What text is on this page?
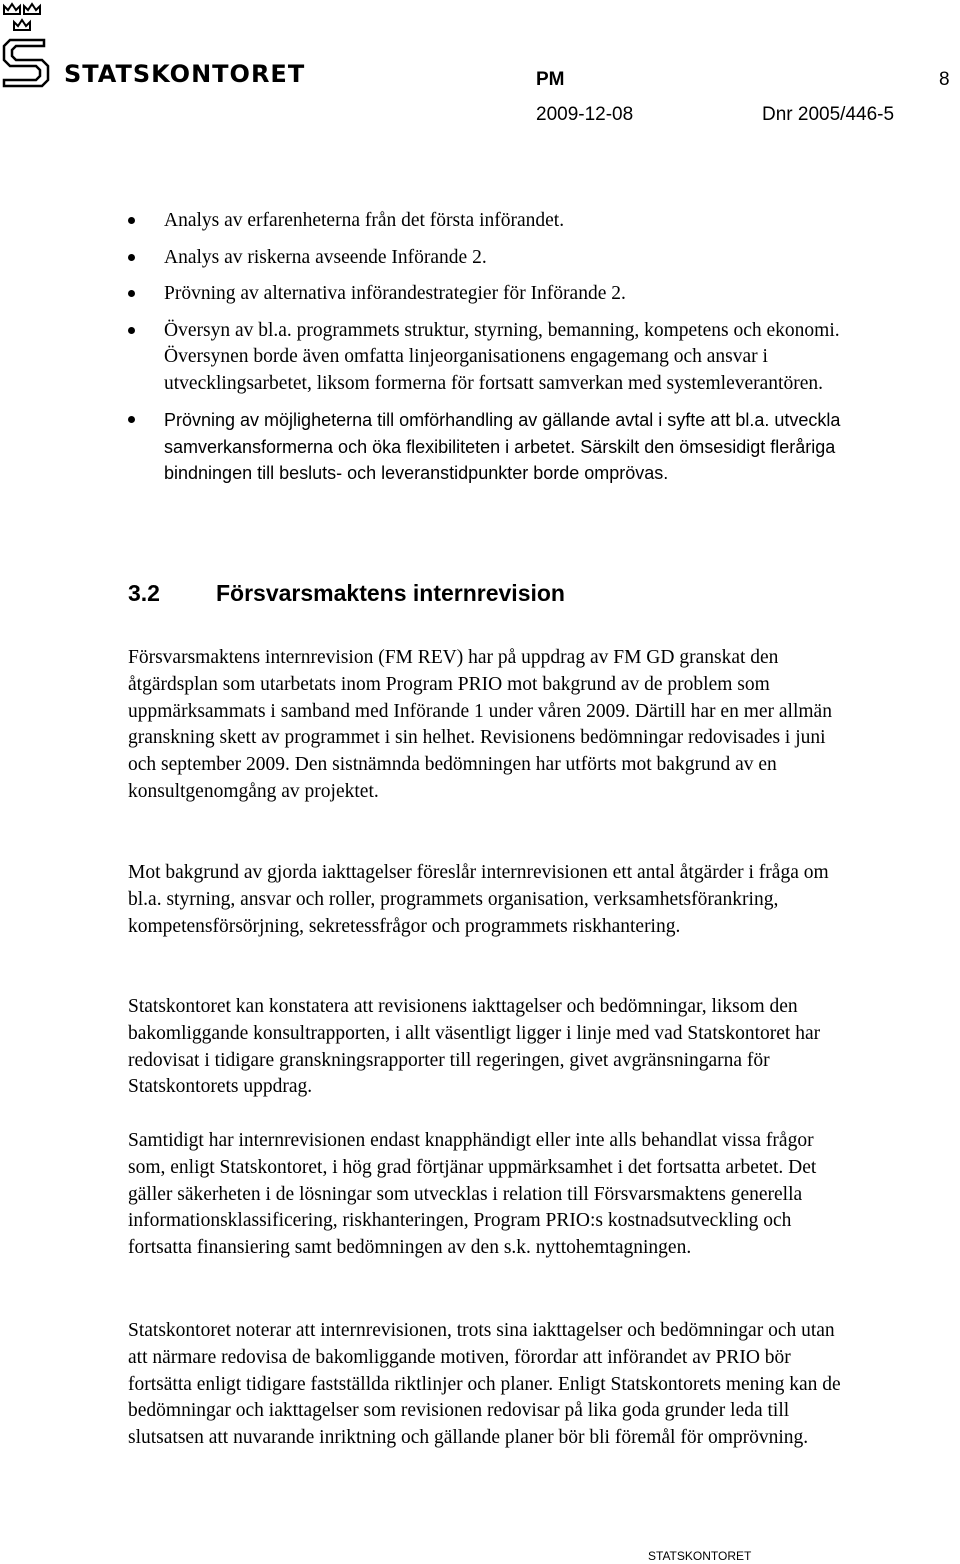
STATSKONTORET	PM	8
2009-12-08	Dnr 2005/446-5
Analys av erfarenheterna från det första införandet.
Analys av riskerna avseende Införande 2.
Prövning av alternativa införandestrategier för Införande 2.
Översyn av bl.a. programmets struktur, styrning, bemanning, kompetens och ekonomi. Översynen borde även omfatta linjeorganisationens engagemang och ansvar i utvecklingsarbetet, liksom formerna för fortsatt samverkan med systemleverantören.
Prövning av möjligheterna till omförhandling av gällande avtal i syfte att bl.a. utveckla samverkansformerna och öka flexibiliteten i arbetet. Särskilt den ömsesidigt fleråriga bindningen till besluts- och leveranstidpunkter borde omprövas.
3.2 Försvarsmaktens internrevision

Försvarsmaktens internrevision (FM REV) har på uppdrag av FM GD granskat den åtgärdsplan som utarbetats inom Program PRIO mot bakgrund av de problem som uppmärksammats i samband med Införande 1 under våren 2009. Därtill har en mer allmän granskning skett av programmet i sin helhet. Revisionens bedömningar redovisades i juni och september 2009. Den sistnämnda bedömningen har utförts mot bakgrund av en konsultgenomgång av projektet.

Mot bakgrund av gjorda iakttagelser föreslår internrevisionen ett antal åtgärder i fråga om bl.a. styrning, ansvar och roller, programmets organisation, verksamhetsförankring, kompetensförsörjning, sekretessfrågor och programmets riskhantering.

Statskontoret kan konstatera att revisionens iakttagelser och bedömningar, liksom den bakomliggande konsultrapporten, i allt väsentligt ligger i linje med vad Statskontoret har redovisat i tidigare granskningsrapporter till regeringen, givet avgränsningarna för Statskontorets uppdrag.

Samtidigt har internrevisionen endast knapphändigt eller inte alls behandlat vissa frågor som, enligt Statskontoret, i hög grad förtjänar uppmärksamhet i det fortsatta arbetet. Det gäller säkerheten i de lösningar som utvecklas i relation till Försvarsmaktens generella informationsklassificering, riskhanteringen, Program PRIO:s kostnadsutveckling och fortsatta finansiering samt bedömningen av den s.k. nyttohemtagningen.

Statskontoret noterar att internrevisionen, trots sina iakttagelser och bedömningar och utan att närmare redovisa de bakomliggande motiven, förordar att införandet av PRIO bör fortsätta enligt tidigare fastställda riktlinjer och planer. Enligt Statskontorets mening kan de bedömningar och iakttagelser som revisionen redovisar på lika goda grunder leda till slutsatsen att nuvarande inriktning och gällande planer bör bli föremål för omprövning.

STATSKONTORET
